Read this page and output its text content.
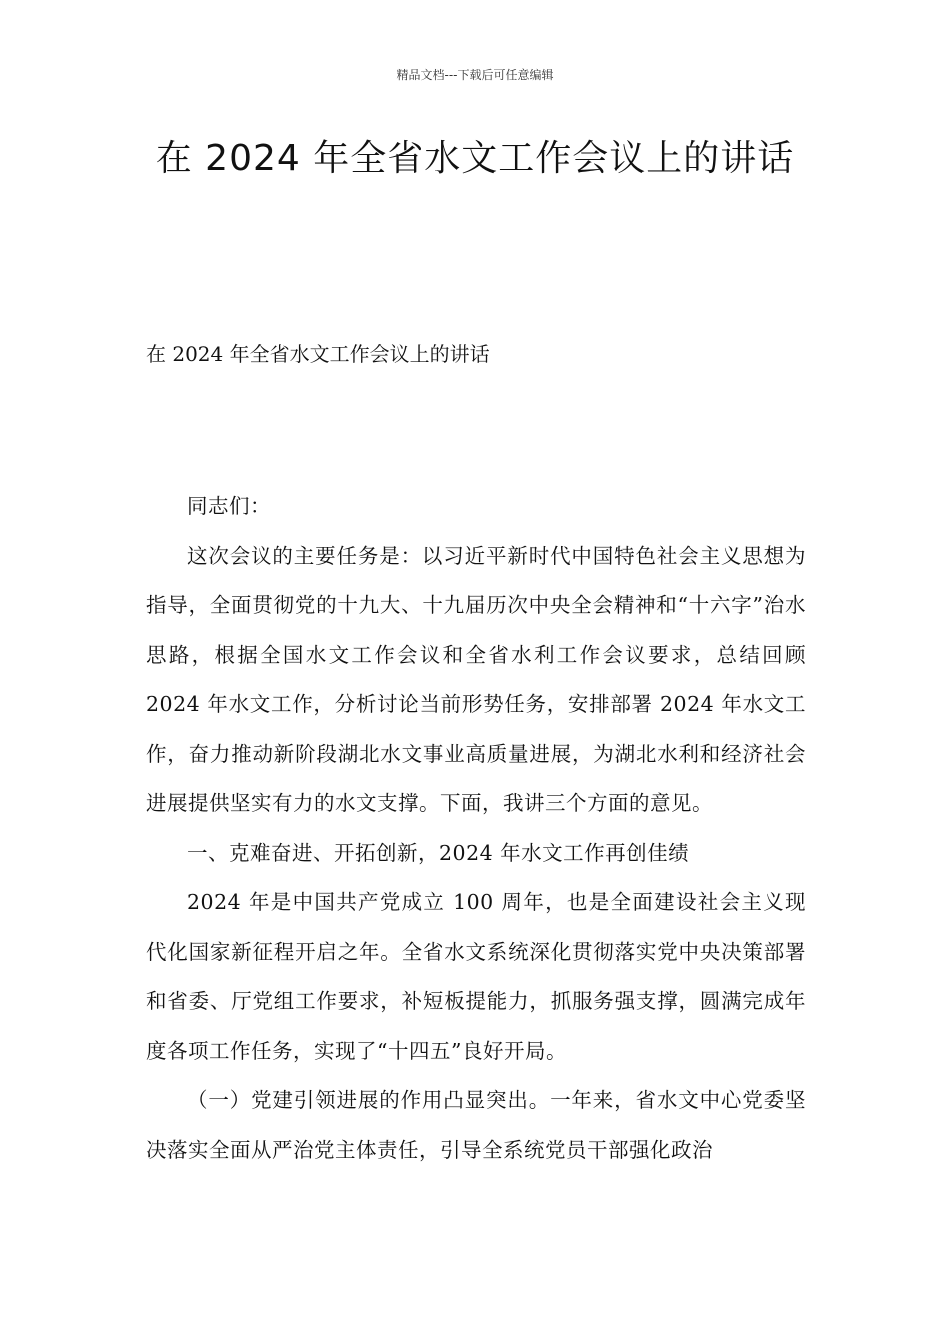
精品文档---下载后可任意编辑
在 2024 年全省水文工作会议上的讲话
在 2024 年全省水文工作会议上的讲话

同志们：

这次会议的主要任务是：以习近平新时代中国特色社会主义思想为指导，全面贯彻党的十九大、十九届历次中央全会精神和“十六字”治水思路，根据全国水文工作会议和全省水利工作会议要求，总结回顾 2024 年水文工作，分析讨论当前形势任务，安排部署 2024 年水文工作，奋力推动新阶段湖北水文事业高质量进展，为湖北水利和经济社会进展提供坚实有力的水文支撑。下面，我讲三个方面的意见。

一、克难奋进、开拓创新，2024 年水文工作再创佳绩

2024 年是中国共产党成立 100 周年，也是全面建设社会主义现代化国家新征程开启之年。全省水文系统深化贯彻落实党中央决策部署和省委、厅党组工作要求，补短板提能力，抓服务强支撑，圆满完成年度各项工作任务，实现了“十四五”良好开局。

（一）党建引领进展的作用凸显突出。一年来，省水文中心党委坚决落实全面从严治党主体责任，引导全系统党员干部强化政治
